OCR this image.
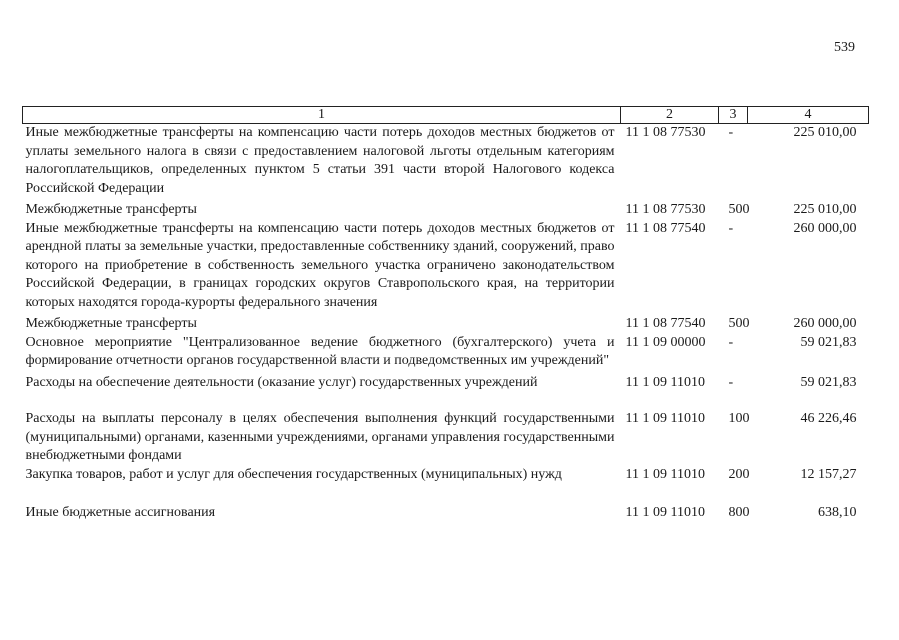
539
1	2	3	4
Иные межбюджетные трансферты на компенсацию части потерь доходов местных бюджетов от уплаты земельного налога в связи с предоставлением налоговой льготы отдельным категориям налогоплательщиков, определенных пунктом 5 статьи 391 части второй Налогового кодекса Российской Федерации	11 1 08 77530	-	225 010,00
Межбюджетные трансферты	11 1 08 77530	500	225 010,00
Иные межбюджетные трансферты на компенсацию части потерь доходов местных бюджетов от арендной платы за земельные участки, предоставленные собственнику зданий, сооружений, право которого на приобретение в собственность земельного участка ограничено законодательством Российской Федерации, в границах городских округов Ставропольского края, на территории которых находятся города-курорты федерального значения	11 1 08 77540	-	260 000,00
Межбюджетные трансферты	11 1 08 77540	500	260 000,00
Основное мероприятие "Централизованное ведение бюджетного (бухгалтерского) учета и формирование отчетности органов государственной власти и подведомственных им учреждений"	11 1 09 00000	-	59 021,83
Расходы на обеспечение деятельности (оказание услуг) государственных учреждений	11 1 09 11010	-	59 021,83
Расходы на выплаты персоналу в целях обеспечения выполнения функций государственными (муниципальными) органами, казенными учреждениями, органами управления государственными внебюджетными фондами	11 1 09 11010	100	46 226,46
Закупка товаров, работ и услуг для обеспечения государственных (муниципальных) нужд	11 1 09 11010	200	12 157,27
Иные бюджетные ассигнования	11 1 09 11010	800	638,10
